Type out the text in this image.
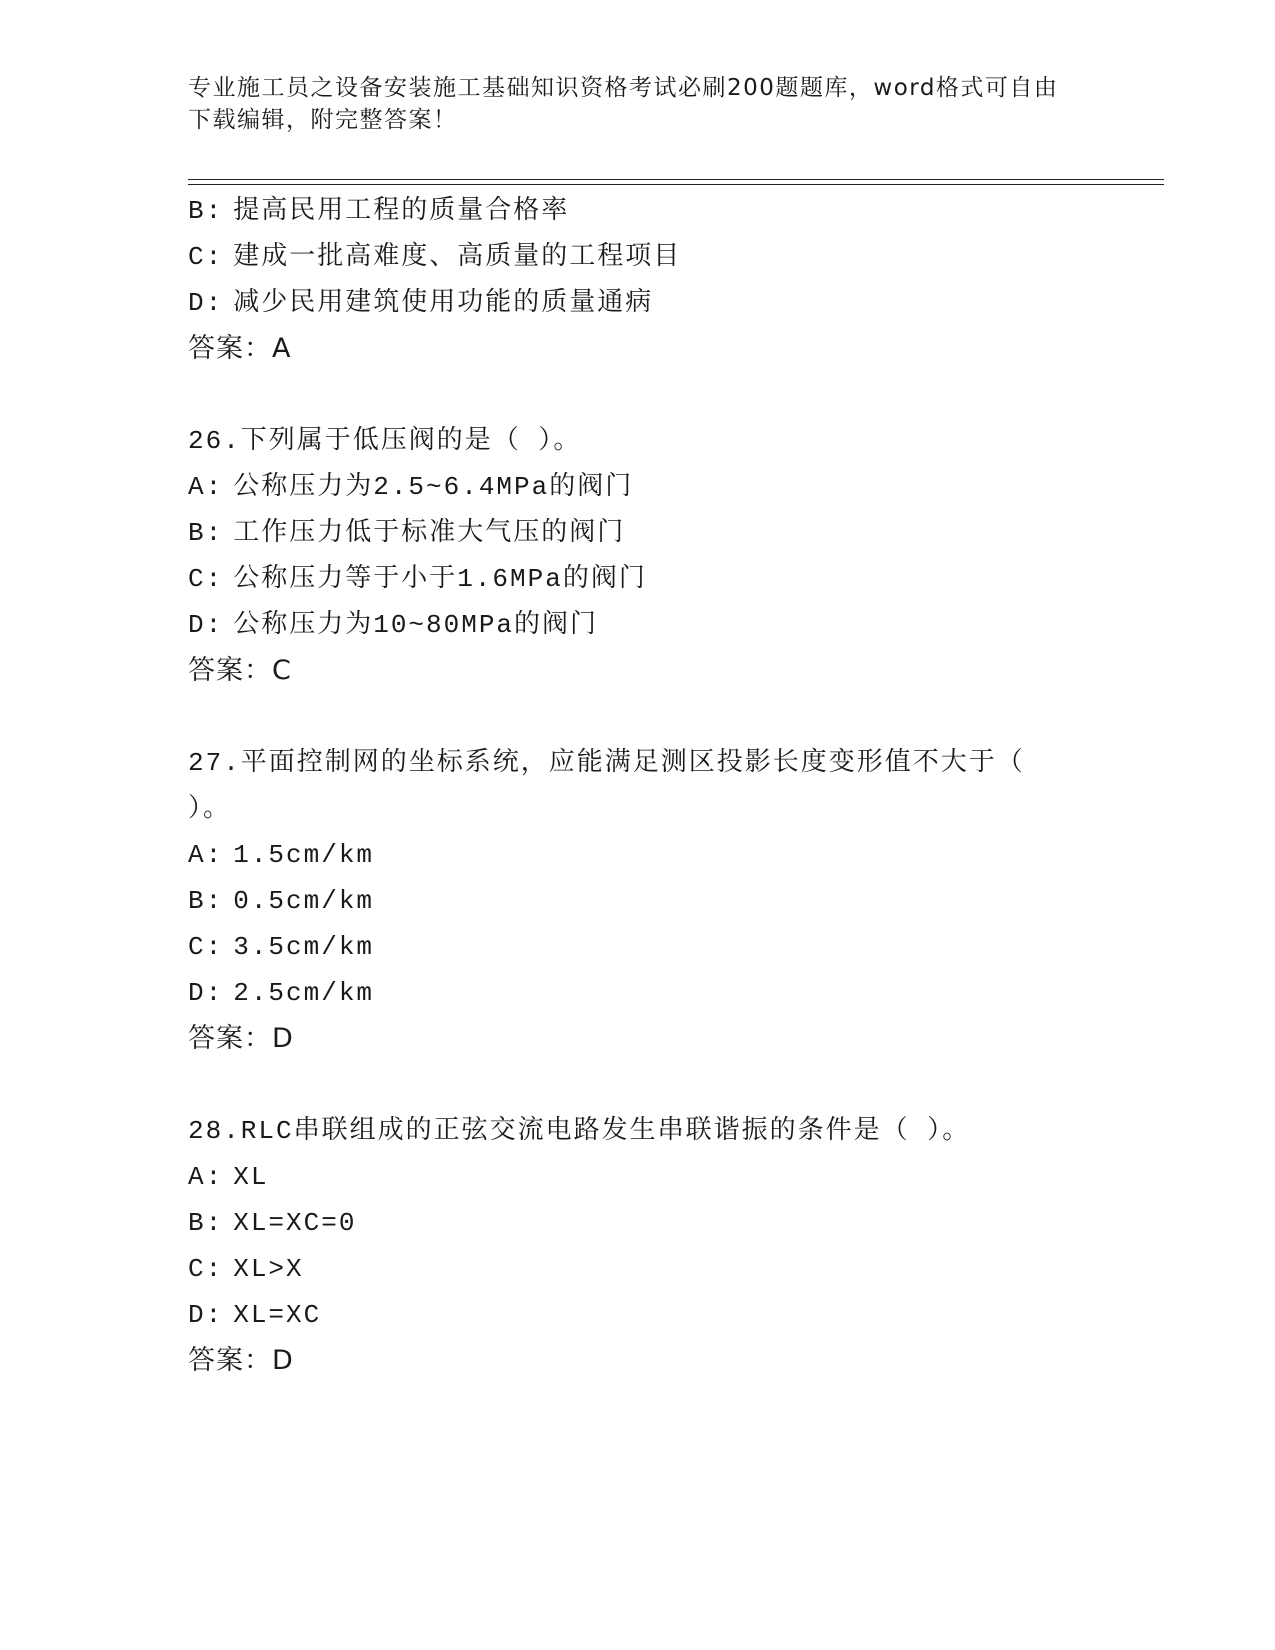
专业施工员之设备安装施工基础知识资格考试必刷200题题库，word格式可自由下载编辑，附完整答案！

B: 提高民用工程的质量合格率

C: 建成一批高难度、高质量的工程项目

D: 减少民用建筑使用功能的质量通病

答案：A

26.下列属于低压阀的是（ ）。

A: 公称压力为2.5~6.4MPa的阀门

B: 工作压力低于标准大气压的阀门

C: 公称压力等于小于1.6MPa的阀门

D: 公称压力为10~80MPa的阀门

答案：C

27.平面控制网的坐标系统，应能满足测区投影长度变形值不大于（ ）。

A: 1.5cm/km

B: 0.5cm/km

C: 3.5cm/km

D: 2.5cm/km

答案：D

28.RLC串联组成的正弦交流电路发生串联谐振的条件是（ ）。

A: XL

B: XL=XC=0

C: XL>X

D: XL=XC

答案：D
